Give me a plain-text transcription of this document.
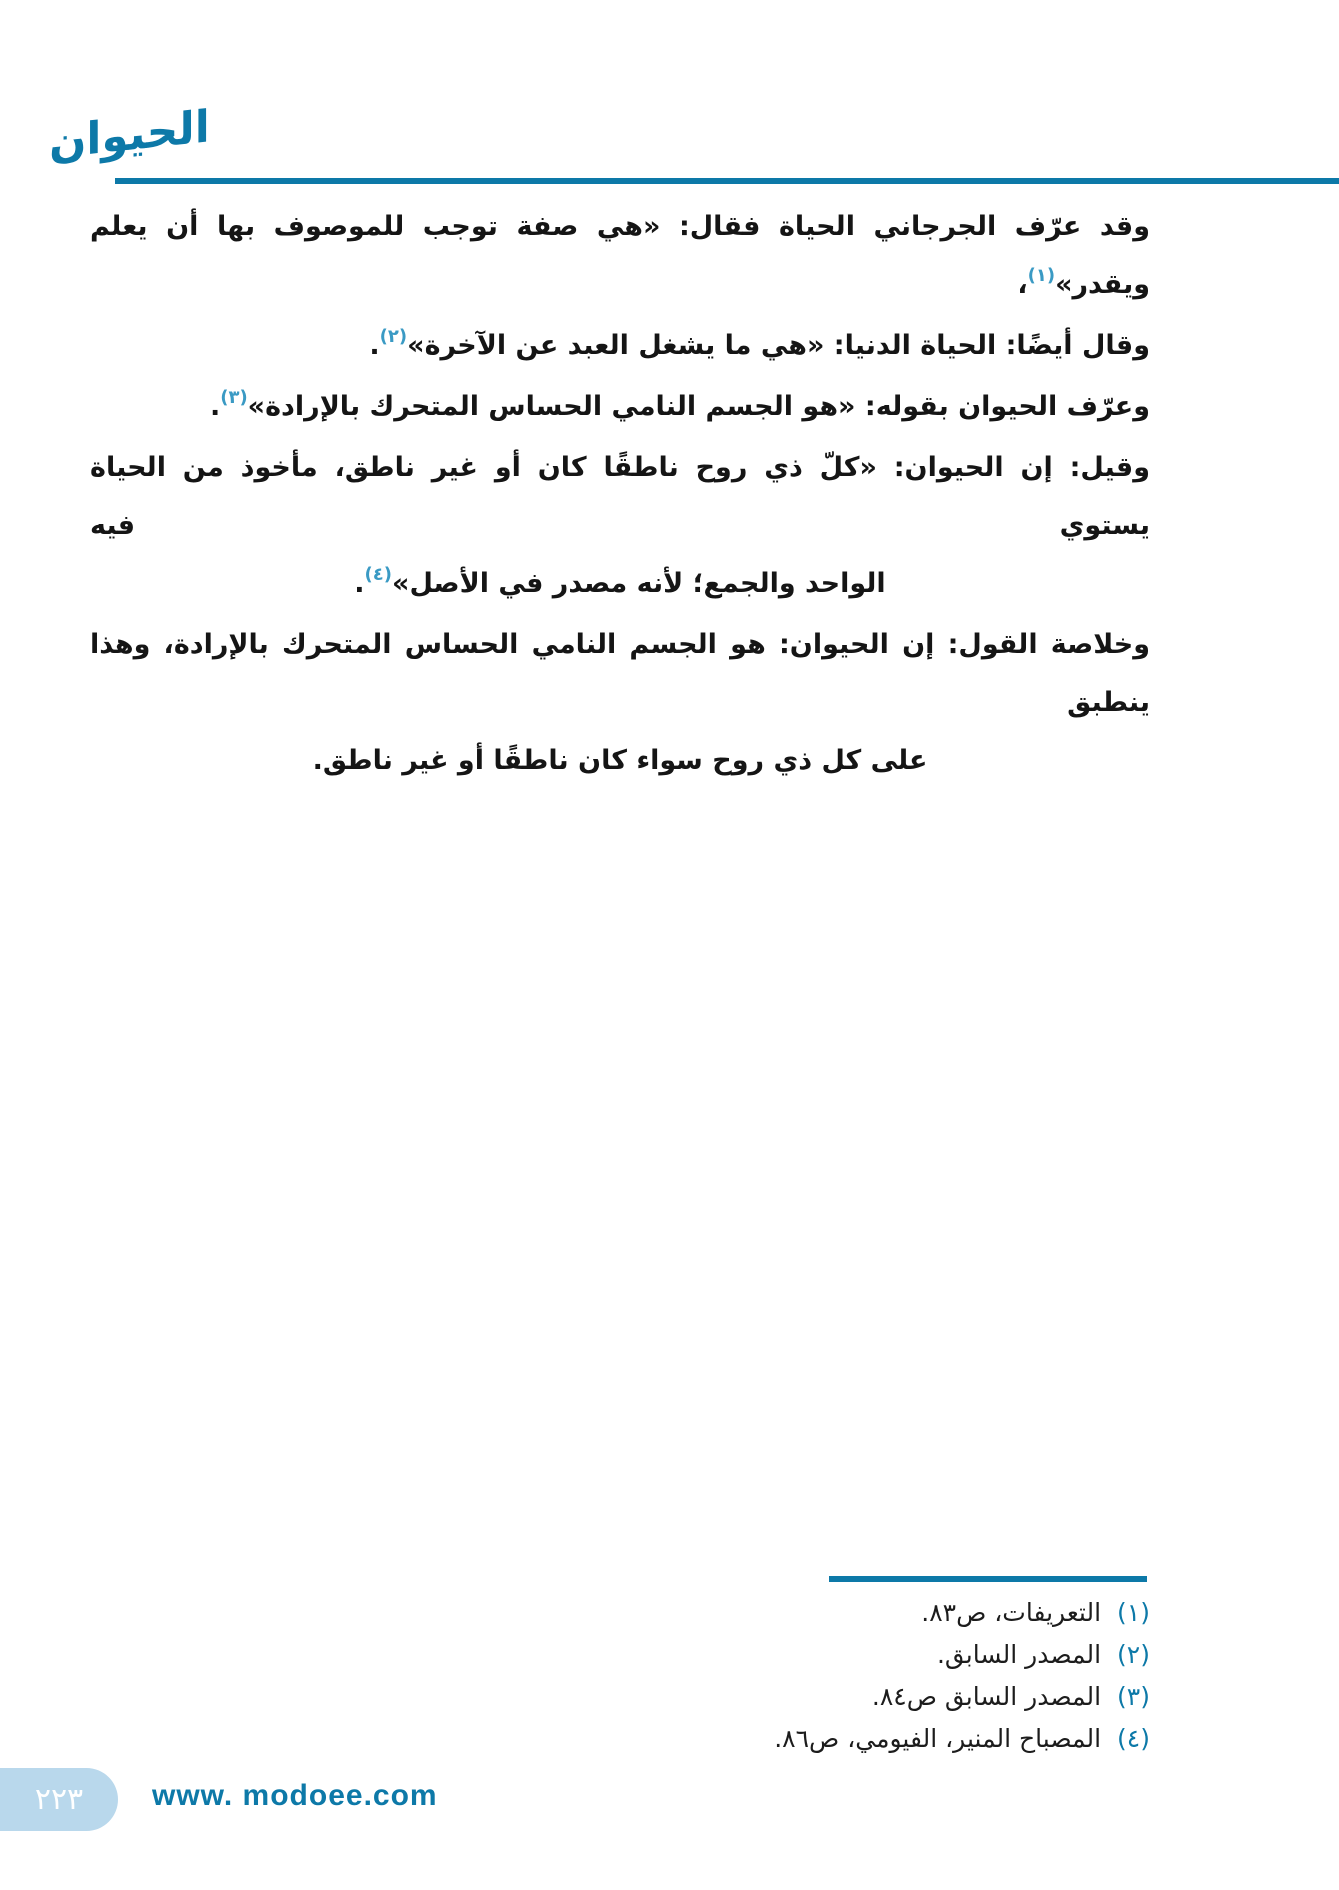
الحيوان
وقد عرّف الجرجاني الحياة فقال: «هي صفة توجب للموصوف بها أن يعلم ويقدر»$^{(١)}$،
وقال أيضًا: الحياة الدنيا: «هي ما يشغل العبد عن الآخرة»$^{(٢)}$.
وعرّف الحيوان بقوله: «هو الجسم النامي الحساس المتحرك بالإرادة»$^{(٣)}$.
وقيل: إن الحيوان: «كلّ ذي روح ناطقًا كان أو غير ناطق، مأخوذ من الحياة يستوي فيه
الواحد والجمع؛ لأنه مصدر في الأصل»$^{(٤)}$.
وخلاصة القول: إن الحيوان: هو الجسم النامي الحساس المتحرك بالإرادة، وهذا ينطبق
على كل ذي روح سواء كان ناطقًا أو غير ناطق.
(١)التعريفات، ص٨٣.
(٢)المصدر السابق.
(٣)المصدر السابق ص٨٤.
(٤)المصباح المنير، الفيومي، ص٨٦.
٢٢٣ www. modoee.com
